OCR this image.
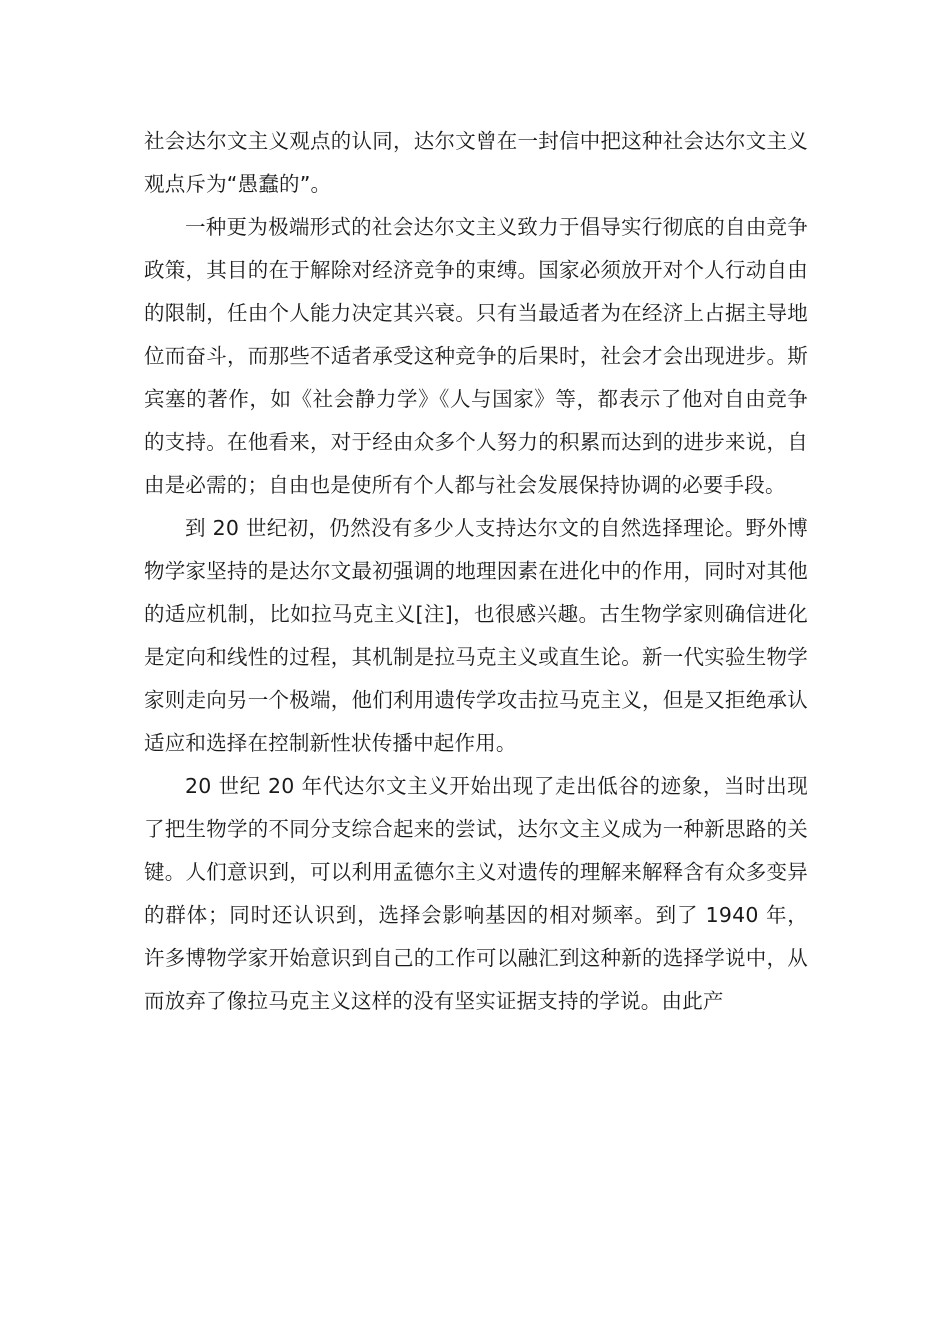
社会达尔文主义观点的认同，达尔文曾在一封信中把这种社会达尔文主义观点斥为“愚蠢的”。

一种更为极端形式的社会达尔文主义致力于倡导实行彻底的自由竞争政策，其目的在于解除对经济竞争的束缚。国家必须放开对个人行动自由的限制，任由个人能力决定其兴衰。只有当最适者为在经济上占据主导地位而奋斗，而那些不适者承受这种竞争的后果时，社会才会出现进步。斯宾塞的著作，如《社会静力学》《人与国家》等，都表示了他对自由竞争的支持。在他看来，对于经由众多个人努力的积累而达到的进步来说，自由是必需的；自由也是使所有个人都与社会发展保持协调的必要手段。

到 20 世纪初，仍然没有多少人支持达尔文的自然选择理论。野外博物学家坚持的是达尔文最初强调的地理因素在进化中的作用，同时对其他的适应机制，比如拉马克主义[注]，也很感兴趣。古生物学家则确信进化是定向和线性的过程，其机制是拉马克主义或直生论。新一代实验生物学家则走向另一个极端，他们利用遗传学攻击拉马克主义，但是又拒绝承认适应和选择在控制新性状传播中起作用。

20 世纪 20 年代达尔文主义开始出现了走出低谷的迹象，当时出现了把生物学的不同分支综合起来的尝试，达尔文主义成为一种新思路的关键。人们意识到，可以利用孟德尔主义对遗传的理解来解释含有众多变异的群体；同时还认识到，选择会影响基因的相对频率。到了 1940 年，许多博物学家开始意识到自己的工作可以融汇到这种新的选择学说中，从而放弃了像拉马克主义这样的没有坚实证据支持的学说。由此产
